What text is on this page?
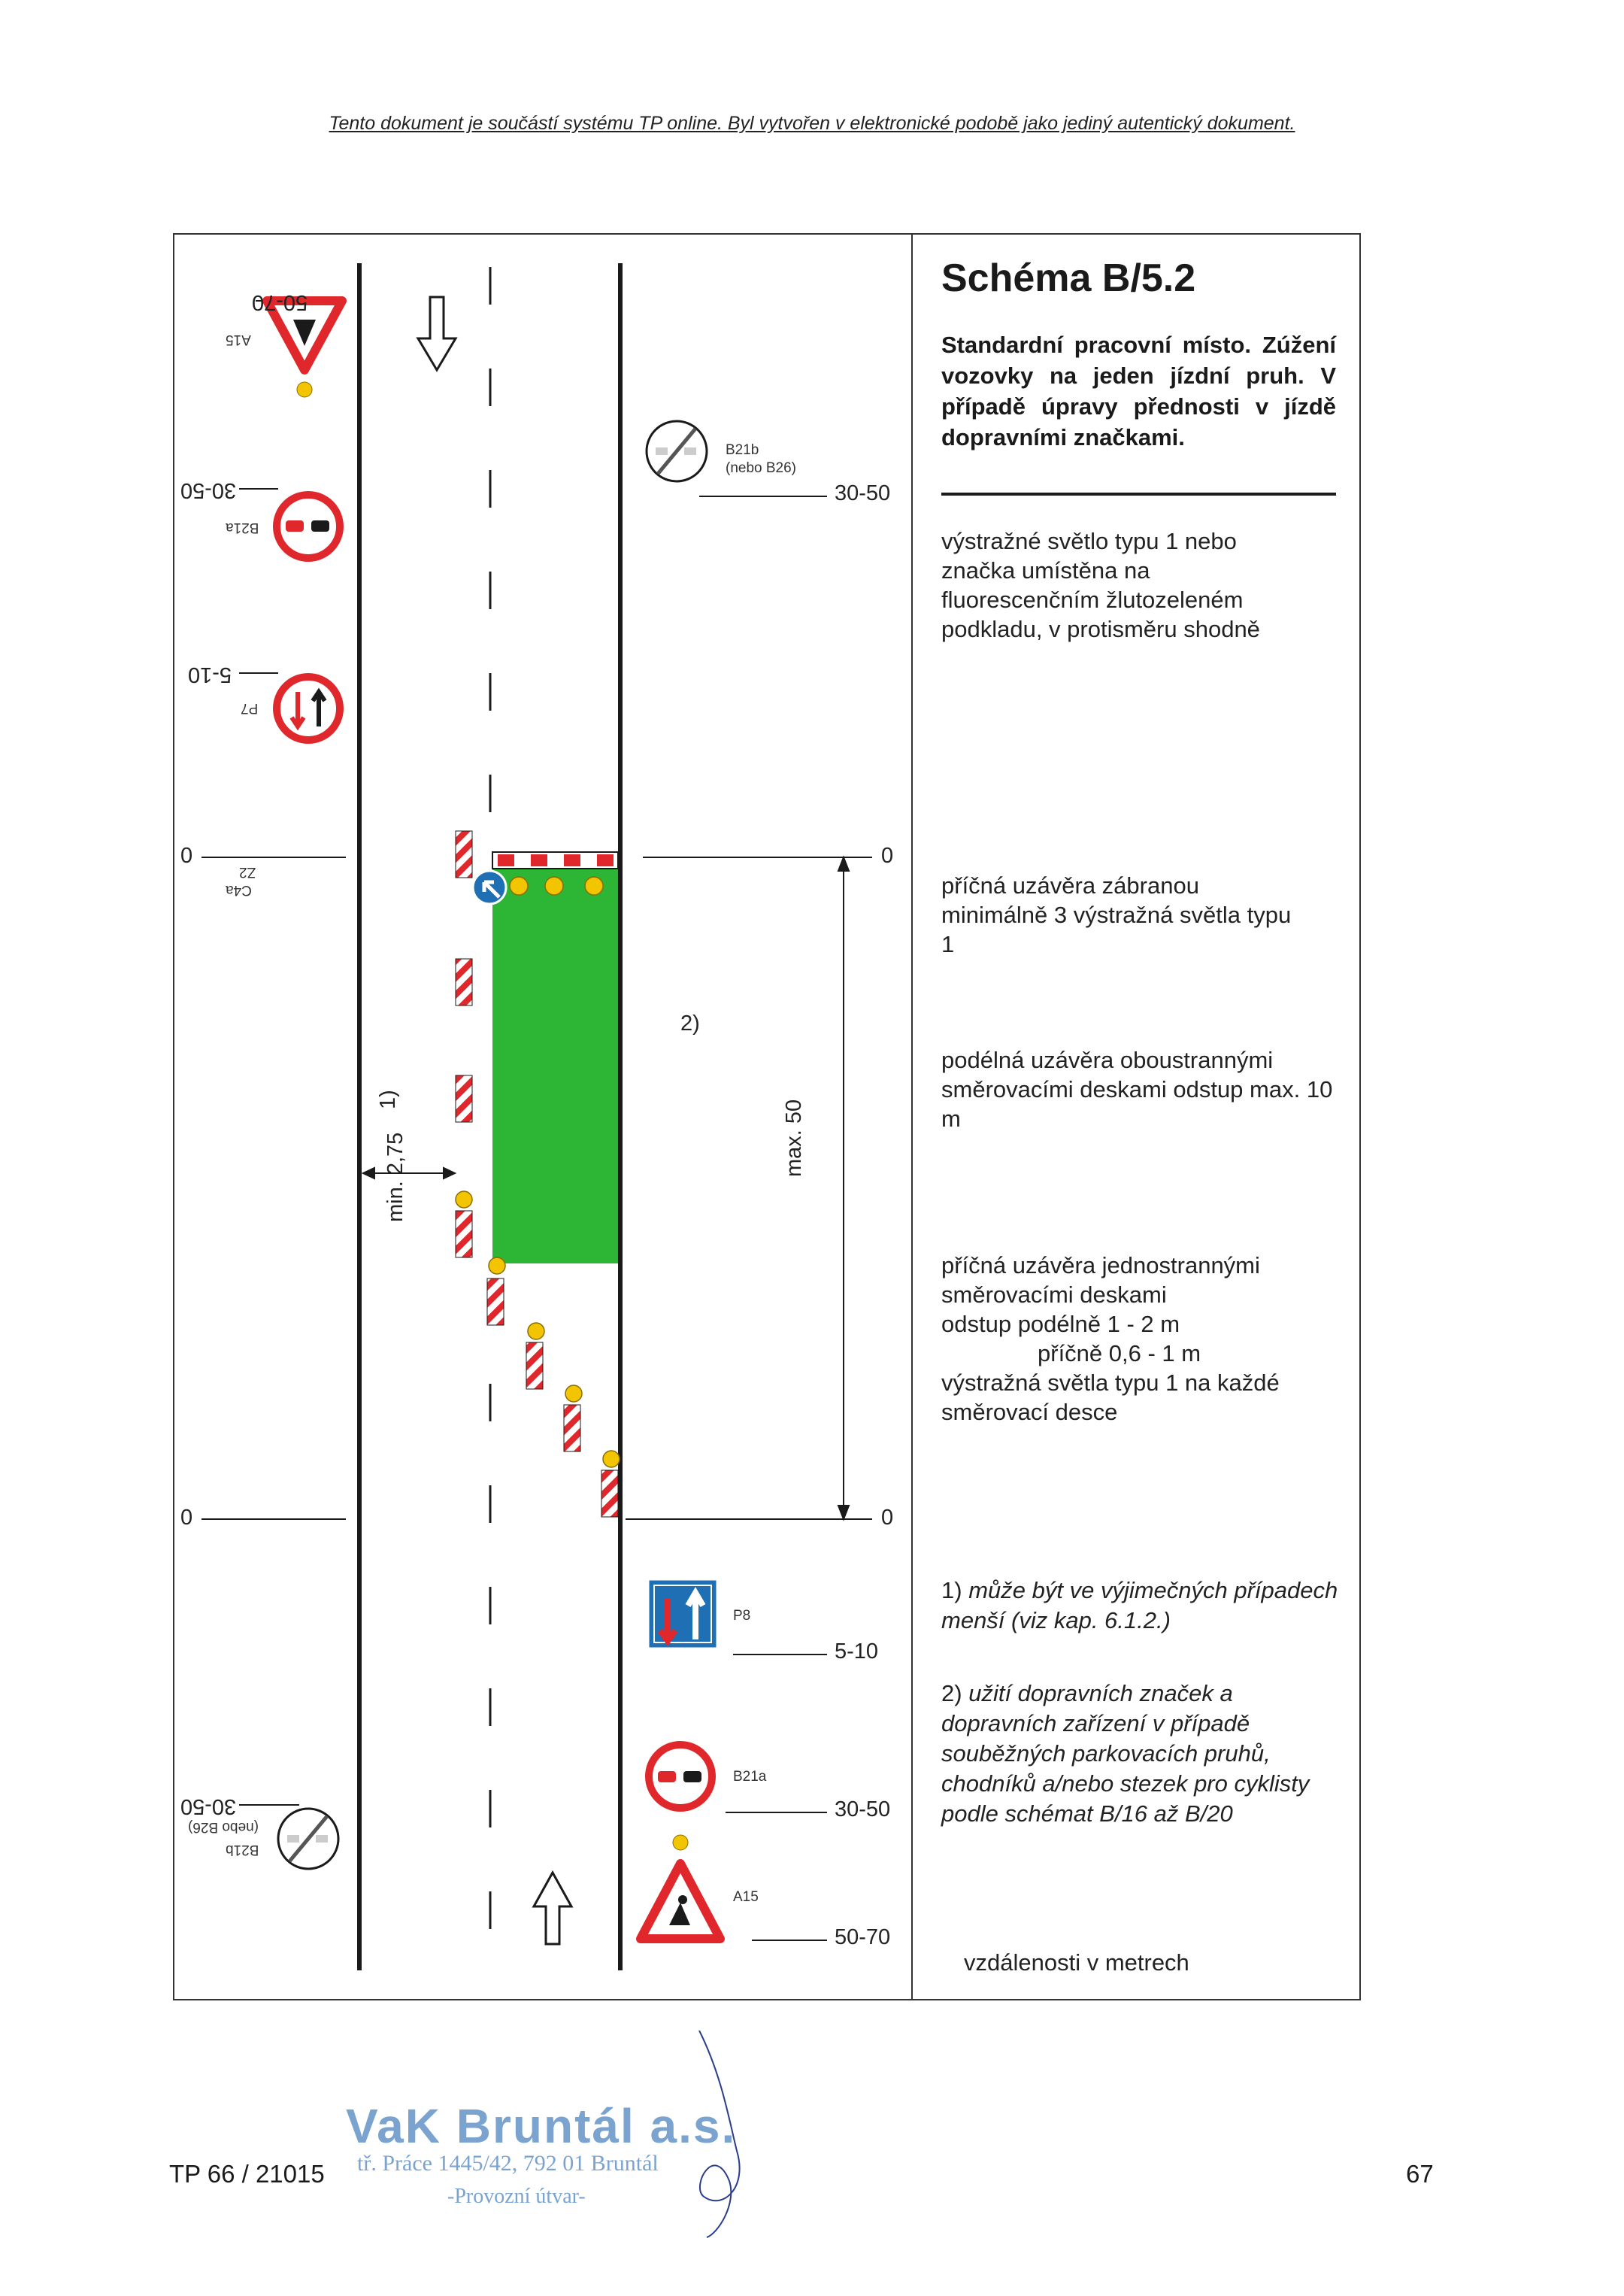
Tento dokument je součástí systému TP online. Byl vytvořen v elektronické podobě jako jediný autentický dokument.
50-70
A15
30-50
B21a
5-10
P7
0
Z2
C4a
0
30-50
(nebo B26)
B21b
B21b
(nebo B26)
30-50
P8
5-10
B21a
30-50
A15
50-70
0
0
max. 50
min. 2,75
1)
2)
Schéma B/5.2
Standardní pracovní místo. Zúžení vozovky na jeden jízdní pruh. V případě úpravy přednosti v jízdě dopravními značkami.
výstražné světlo typu 1 nebo značka umístěna na fluorescenčním žlutozeleném podkladu, v protisměru shodně
příčná uzávěra zábranou minimálně 3 výstražná světla typu 1
podélná uzávěra oboustrannými směrovacími deskami odstup max. 10 m
příčná uzávěra jednostrannými směrovacími deskami
odstup podélně 1 - 2 m
příčně 0,6 - 1 m
výstražná světla typu 1 na každé směrovací desce
1) může být ve výjimečných případech menší (viz kap. 6.1.2.)
2) užití dopravních značek a dopravních zařízení v případě souběžných parkovacích pruhů, chodníků a/nebo stezek pro cyklisty podle schémat B/16 až B/20
vzdálenosti v metrech
TP 66 / 21015	67
VaK Bruntál a.s.
tř. Práce 1445/42, 792 01 Bruntál
-Provozní útvar-
